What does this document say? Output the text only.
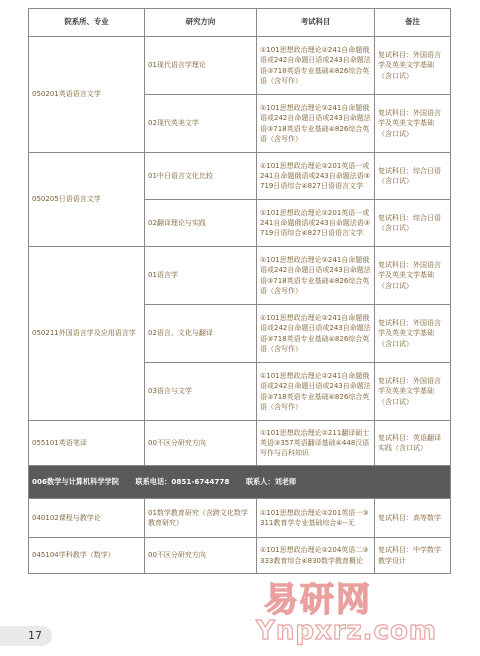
院系所、专业	研究方向	考试科目	备注
050201英语语言文学	01现代语言学理论	①101思想政治理论②241自命题俄语或242自命题日语或243自命题法语③718英语专业基础④826综合英语（含写作）	复试科目：外国语言学及英美文学基础（含口试）
	02现代英美文学	①101思想政治理论②241自命题俄语或242自命题日语或243自命题法语③718英语专业基础④826综合英语（含写作）	复试科目：外国语言学及英美文学基础（含口试）
050205日语语言文学	01中日语言文化比较	①101思想政治理论②201英语一或241自命题俄语或243自命题法语③719日语综合④827日语语言文学	复试科目：综合日语（含口试）
	02翻译理论与实践	①101思想政治理论②201英语一或241自命题俄语或243自命题法语③719日语综合④827日语语言文学	复试科目：综合日语（含口试）
050211外国语言学及应用语言学	01语言学	①101思想政治理论②241自命题俄语或242自命题日语或243自命题法语③718英语专业基础④826综合英语（含写作）	复试科目：外国语言学及英美文学基础（含口试）
	02语言、文化与翻译	①101思想政治理论②241自命题俄语或242自命题日语或243自命题法语③718英语专业基础④826综合英语（含写作）	复试科目：外国语言学及英美文学基础（含口试）
	03语言与文学	①101思想政治理论②241自命题俄语或242自命题日语或243自命题法语③718英语专业基础④826综合英语（含写作）	复试科目：外国语言学及英美文学基础（含口试）
055101英语笔译	00不区分研究方向	①101思想政治理论②211翻译硕士英语③357英语翻译基础④448汉语写作与百科知识	复试科目：英语翻译实践（含口试）
006数学与计算机科学学院 联系电话：0851-6744778 联系人：刘老师			
040102课程与教学论	01数学教育研究（含跨文化数学教育研究）	①101思想政治理论②201英语一③311教育学专业基础综合④--无	复试科目：高等数学
045104学科教学（数学）	00不区分研究方向	①101思想政治理论②204英语二③333教育综合④830数学教育概论	复试科目：中学数学教学设计
17
易研网
Ynpxrz.com
